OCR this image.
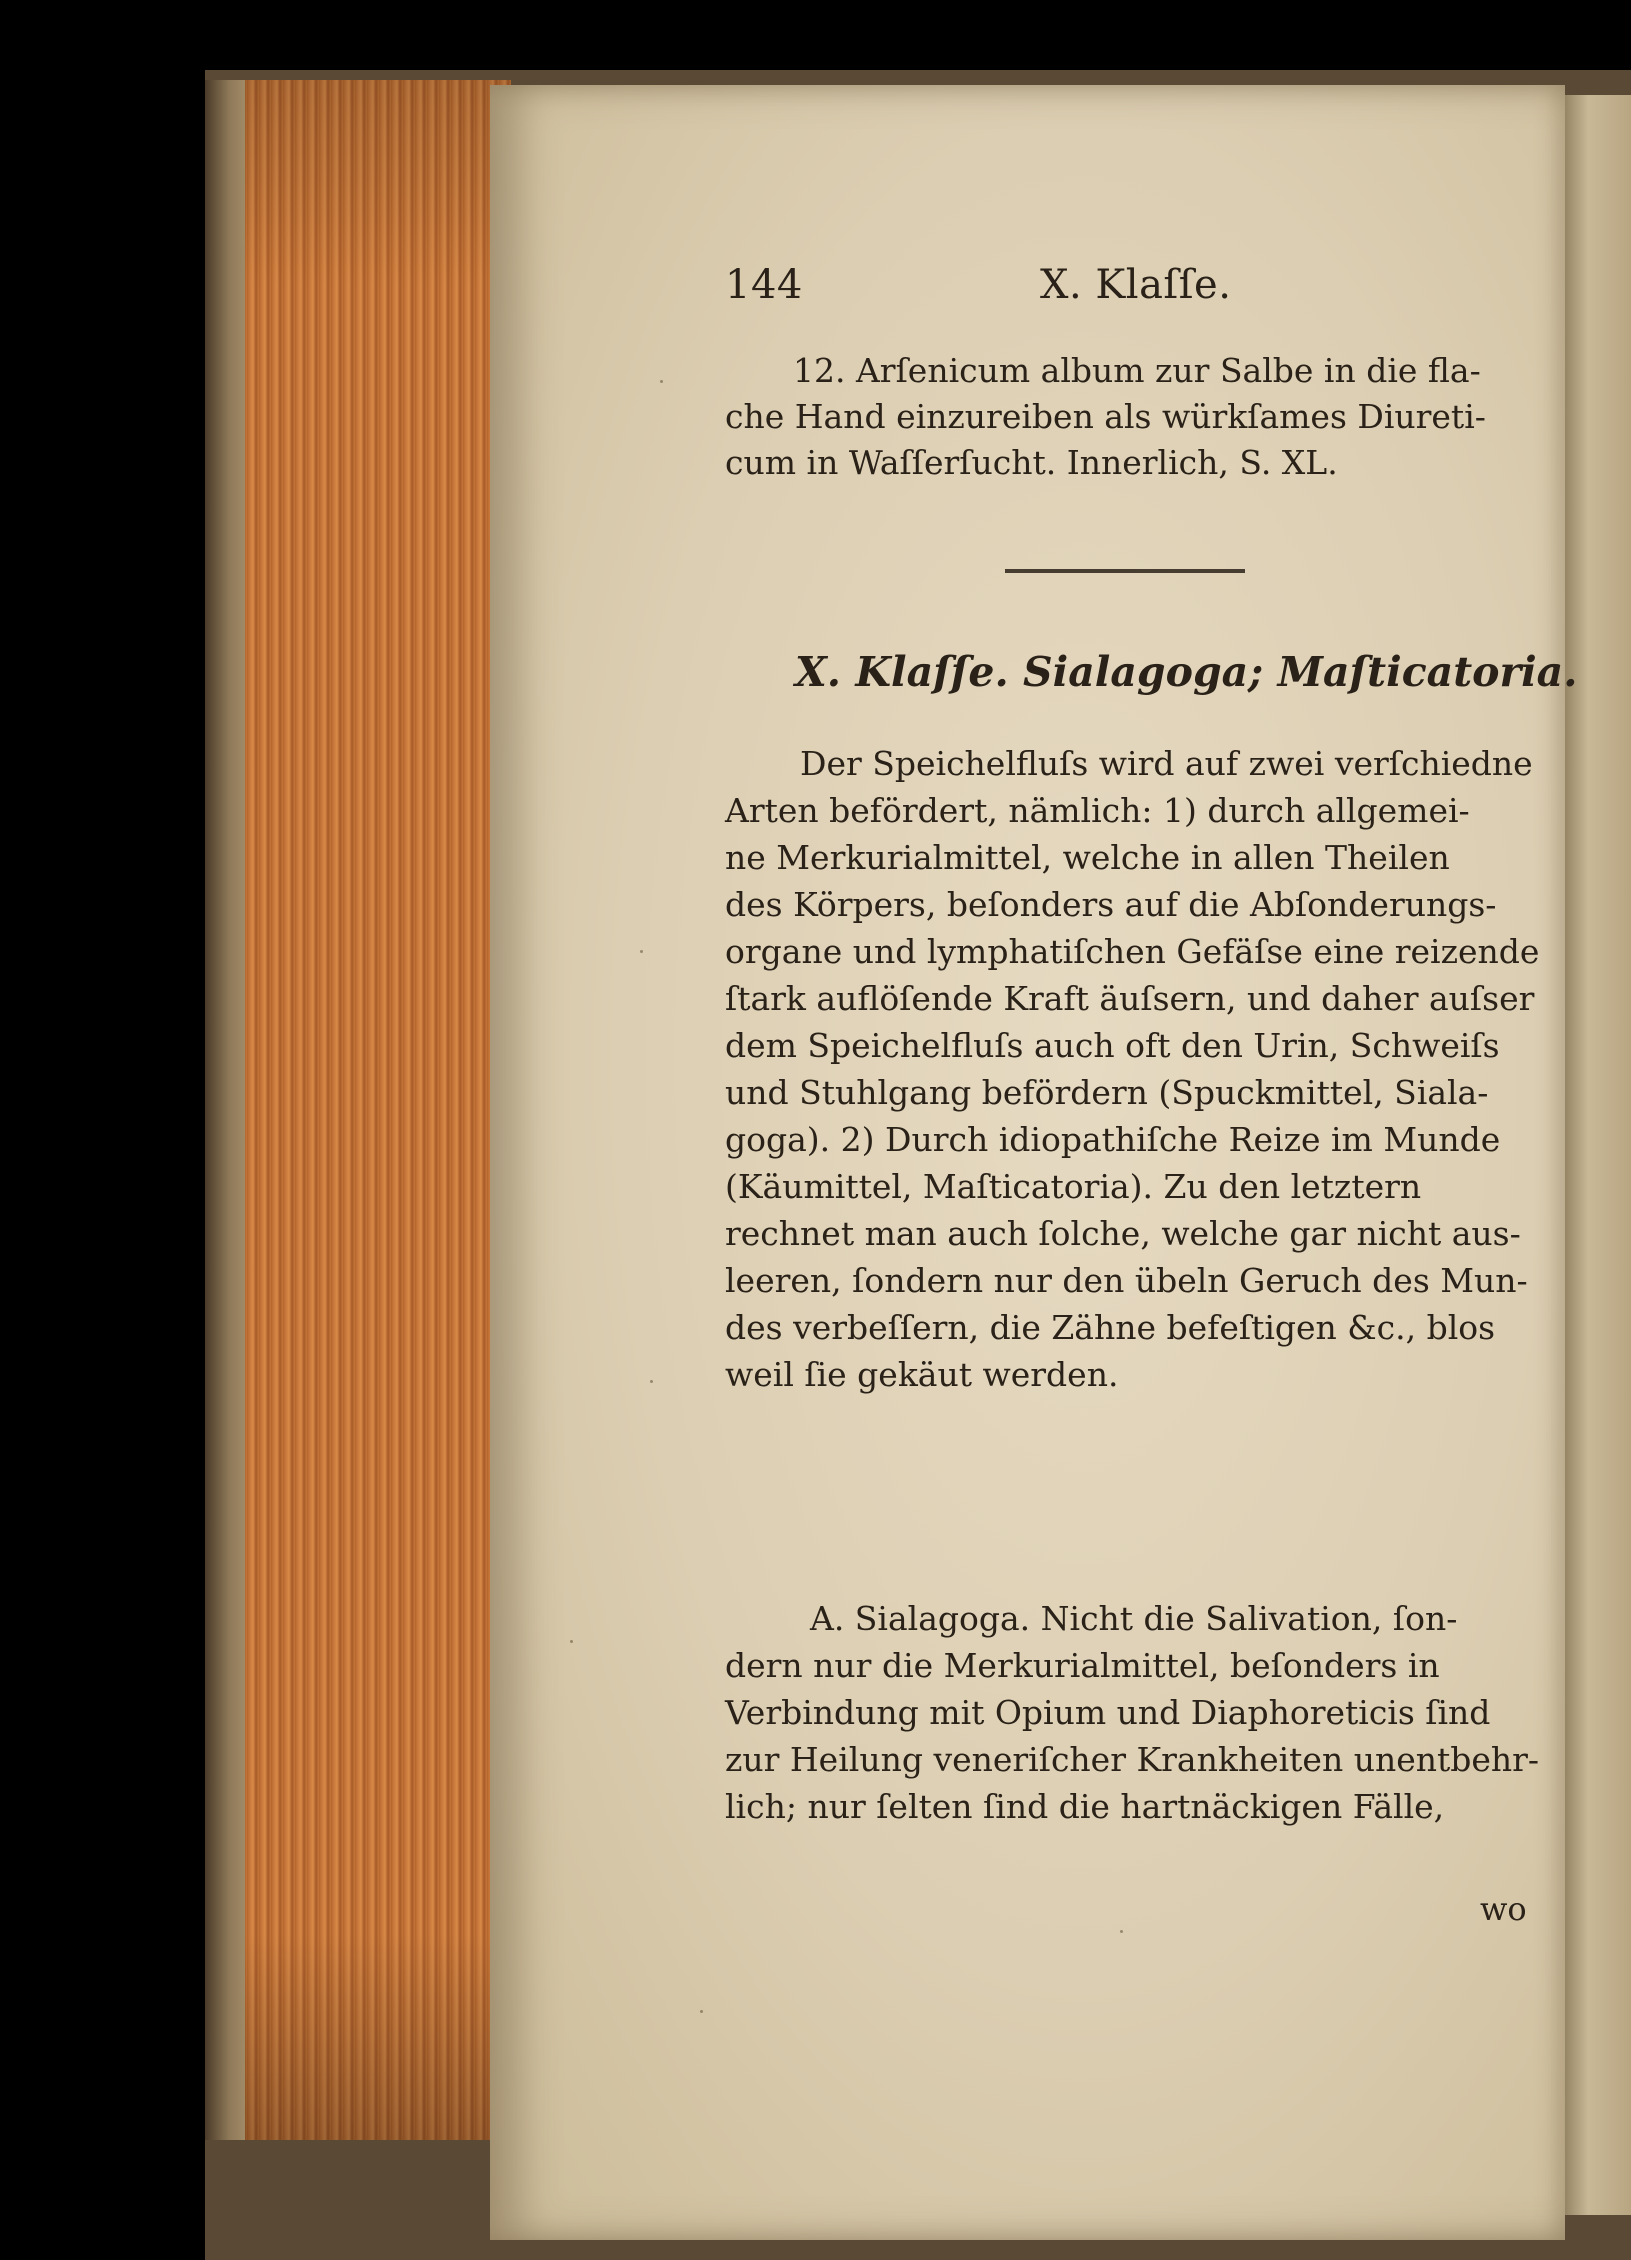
144	X. Klaſſe.
12. Arſenicum album zur Salbe in die fla-
che Hand einzureiben als würkſames Diureti-
cum in Waſſerſucht. Innerlich, S. XL.
X. Klaſſe. Sialagoga; Maſticatoria.
Der Speichelfluſs wird auf zwei verſchiedne
Arten befördert, nämlich: 1) durch allgemei-
ne Merkurialmittel, welche in allen Theilen
des Körpers, beſonders auf die Abſonderungs-
organe und lymphatiſchen Gefäſse eine reizende
ſtark auflöſende Kraft äuſsern, und daher auſser
dem Speichelfluſs auch oft den Urin, Schweiſs
und Stuhlgang befördern (Spuckmittel, Siala-
goga). 2) Durch idiopathiſche Reize im Munde
(Käumittel, Maſticatoria). Zu den letztern
rechnet man auch ſolche, welche gar nicht aus-
leeren, ſondern nur den übeln Geruch des Mun-
des verbeſſern, die Zähne befeſtigen &c., blos
weil ſie gekäut werden.
A. Sialagoga. Nicht die Salivation, ſon-
dern nur die Merkurialmittel, beſonders in
Verbindung mit Opium und Diaphoreticis ſind
zur Heilung veneriſcher Krankheiten unentbehr-
lich; nur ſelten ſind die hartnäckigen Fälle,
wo
